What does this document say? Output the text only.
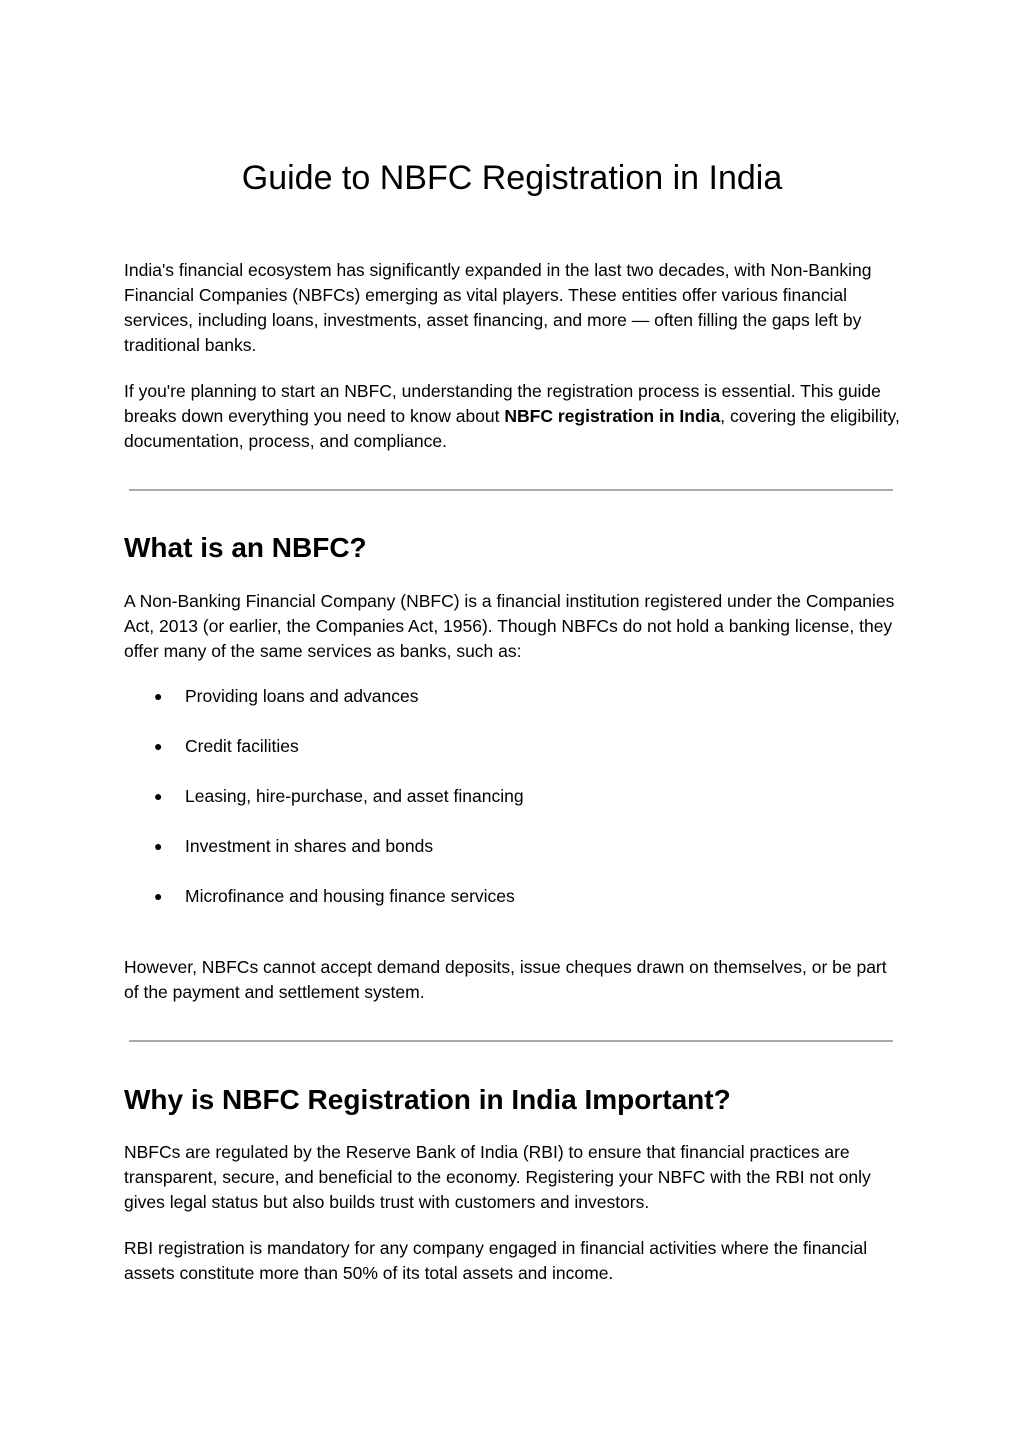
Guide to NBFC Registration in India

India's financial ecosystem has significantly expanded in the last two decades, with Non-Banking Financial Companies (NBFCs) emerging as vital players. These entities offer various financial services, including loans, investments, asset financing, and more — often filling the gaps left by traditional banks.

If you're planning to start an NBFC, understanding the registration process is essential. This guide breaks down everything you need to know about NBFC registration in India, covering the eligibility, documentation, process, and compliance.

What is an NBFC?

A Non-Banking Financial Company (NBFC) is a financial institution registered under the Companies Act, 2013 (or earlier, the Companies Act, 1956). Though NBFCs do not hold a banking license, they offer many of the same services as banks, such as:

● Providing loans and advances
● Credit facilities
● Leasing, hire-purchase, and asset financing
● Investment in shares and bonds
● Microfinance and housing finance services

However, NBFCs cannot accept demand deposits, issue cheques drawn on themselves, or be part of the payment and settlement system.

Why is NBFC Registration in India Important?

NBFCs are regulated by the Reserve Bank of India (RBI) to ensure that financial practices are transparent, secure, and beneficial to the economy. Registering your NBFC with the RBI not only gives legal status but also builds trust with customers and investors.

RBI registration is mandatory for any company engaged in financial activities where the financial assets constitute more than 50% of its total assets and income.
